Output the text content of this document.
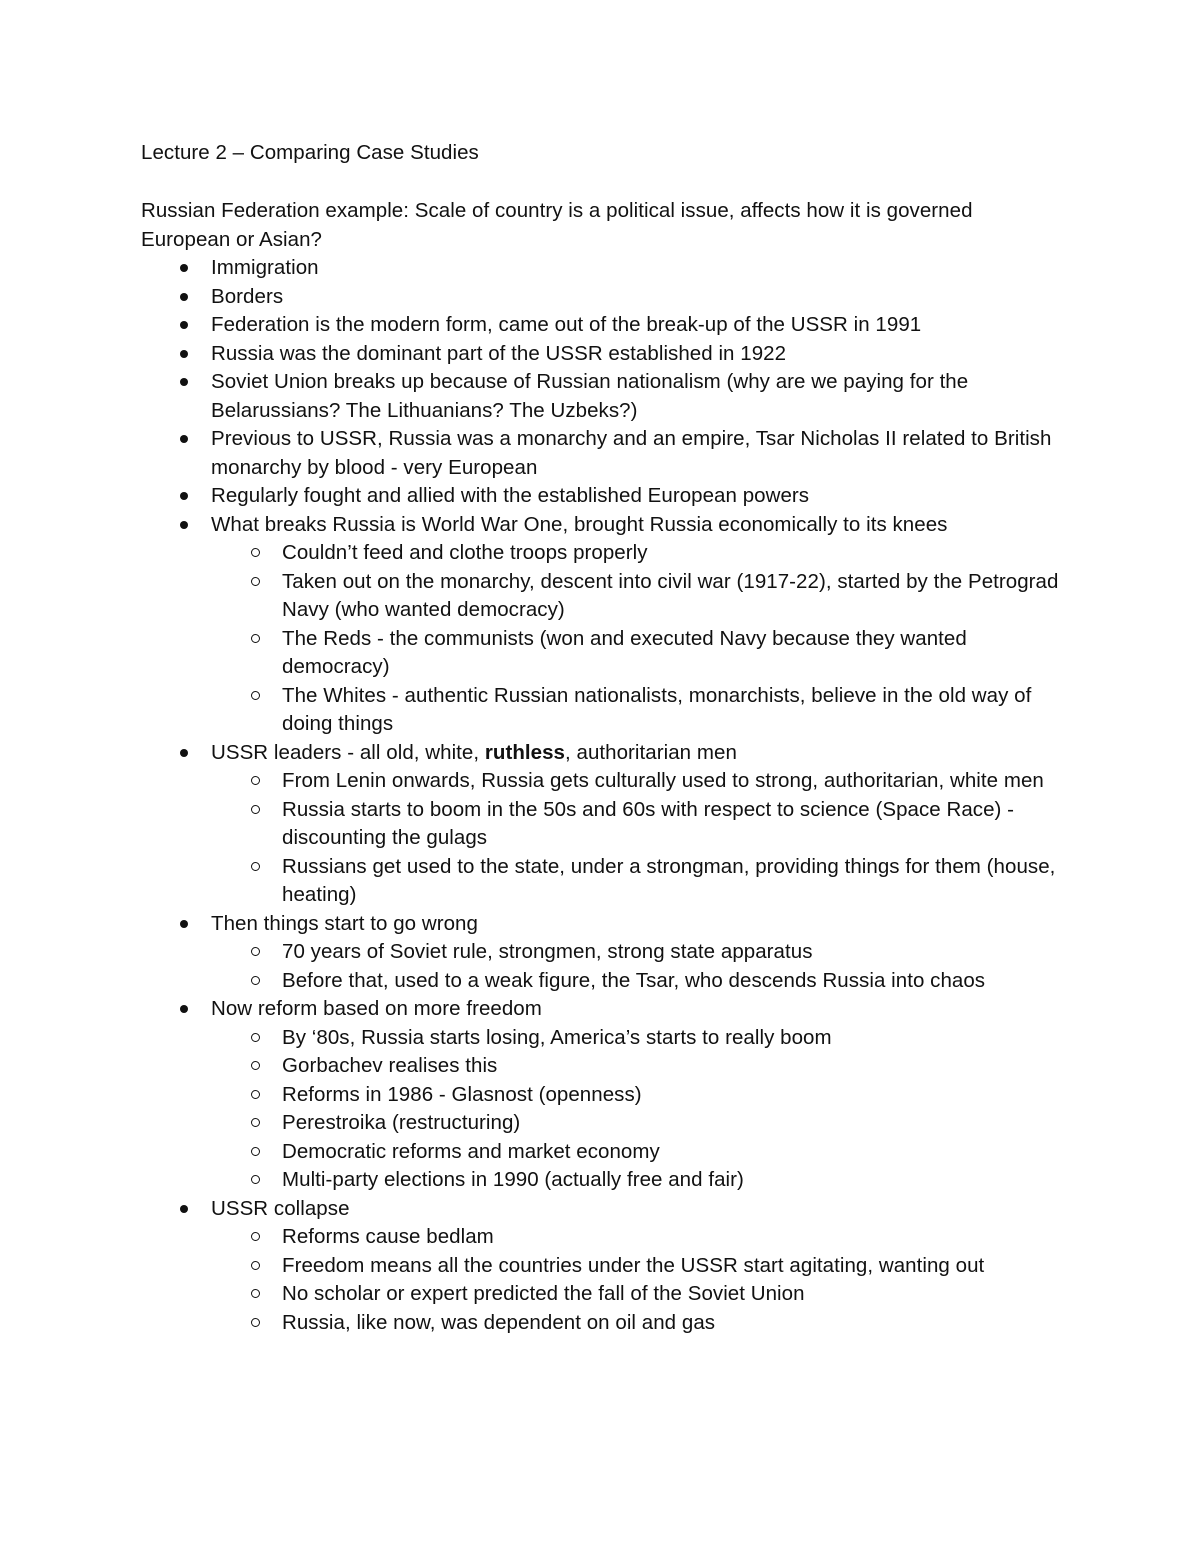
Lecture 2 – Comparing Case Studies
Russian Federation example: Scale of country is a political issue, affects how it is governed
European or Asian?
Immigration
Borders
Federation is the modern form, came out of the break-up of the USSR in 1991
Russia was the dominant part of the USSR established in 1922
Soviet Union breaks up because of Russian nationalism (why are we paying for the Belarussians? The Lithuanians? The Uzbeks?)
Previous to USSR, Russia was a monarchy and an empire, Tsar Nicholas II related to British monarchy by blood - very European
Regularly fought and allied with the established European powers
What breaks Russia is World War One, brought Russia economically to its knees
Couldn’t feed and clothe troops properly
Taken out on the monarchy, descent into civil war (1917-22), started by the Petrograd Navy (who wanted democracy)
The Reds - the communists (won and executed Navy because they wanted democracy)
The Whites - authentic Russian nationalists, monarchists, believe in the old way of doing things
USSR leaders - all old, white, ruthless, authoritarian men
From Lenin onwards, Russia gets culturally used to strong, authoritarian, white men
Russia starts to boom in the 50s and 60s with respect to science (Space Race) - discounting the gulags
Russians get used to the state, under a strongman, providing things for them (house, heating)
Then things start to go wrong
70 years of Soviet rule, strongmen, strong state apparatus
Before that, used to a weak figure, the Tsar, who descends Russia into chaos
Now reform based on more freedom
By ‘80s, Russia starts losing, America’s starts to really boom
Gorbachev realises this
Reforms in 1986 - Glasnost (openness)
Perestroika (restructuring)
Democratic reforms and market economy
Multi-party elections in 1990 (actually free and fair)
USSR collapse
Reforms cause bedlam
Freedom means all the countries under the USSR start agitating, wanting out
No scholar or expert predicted the fall of the Soviet Union
Russia, like now, was dependent on oil and gas
